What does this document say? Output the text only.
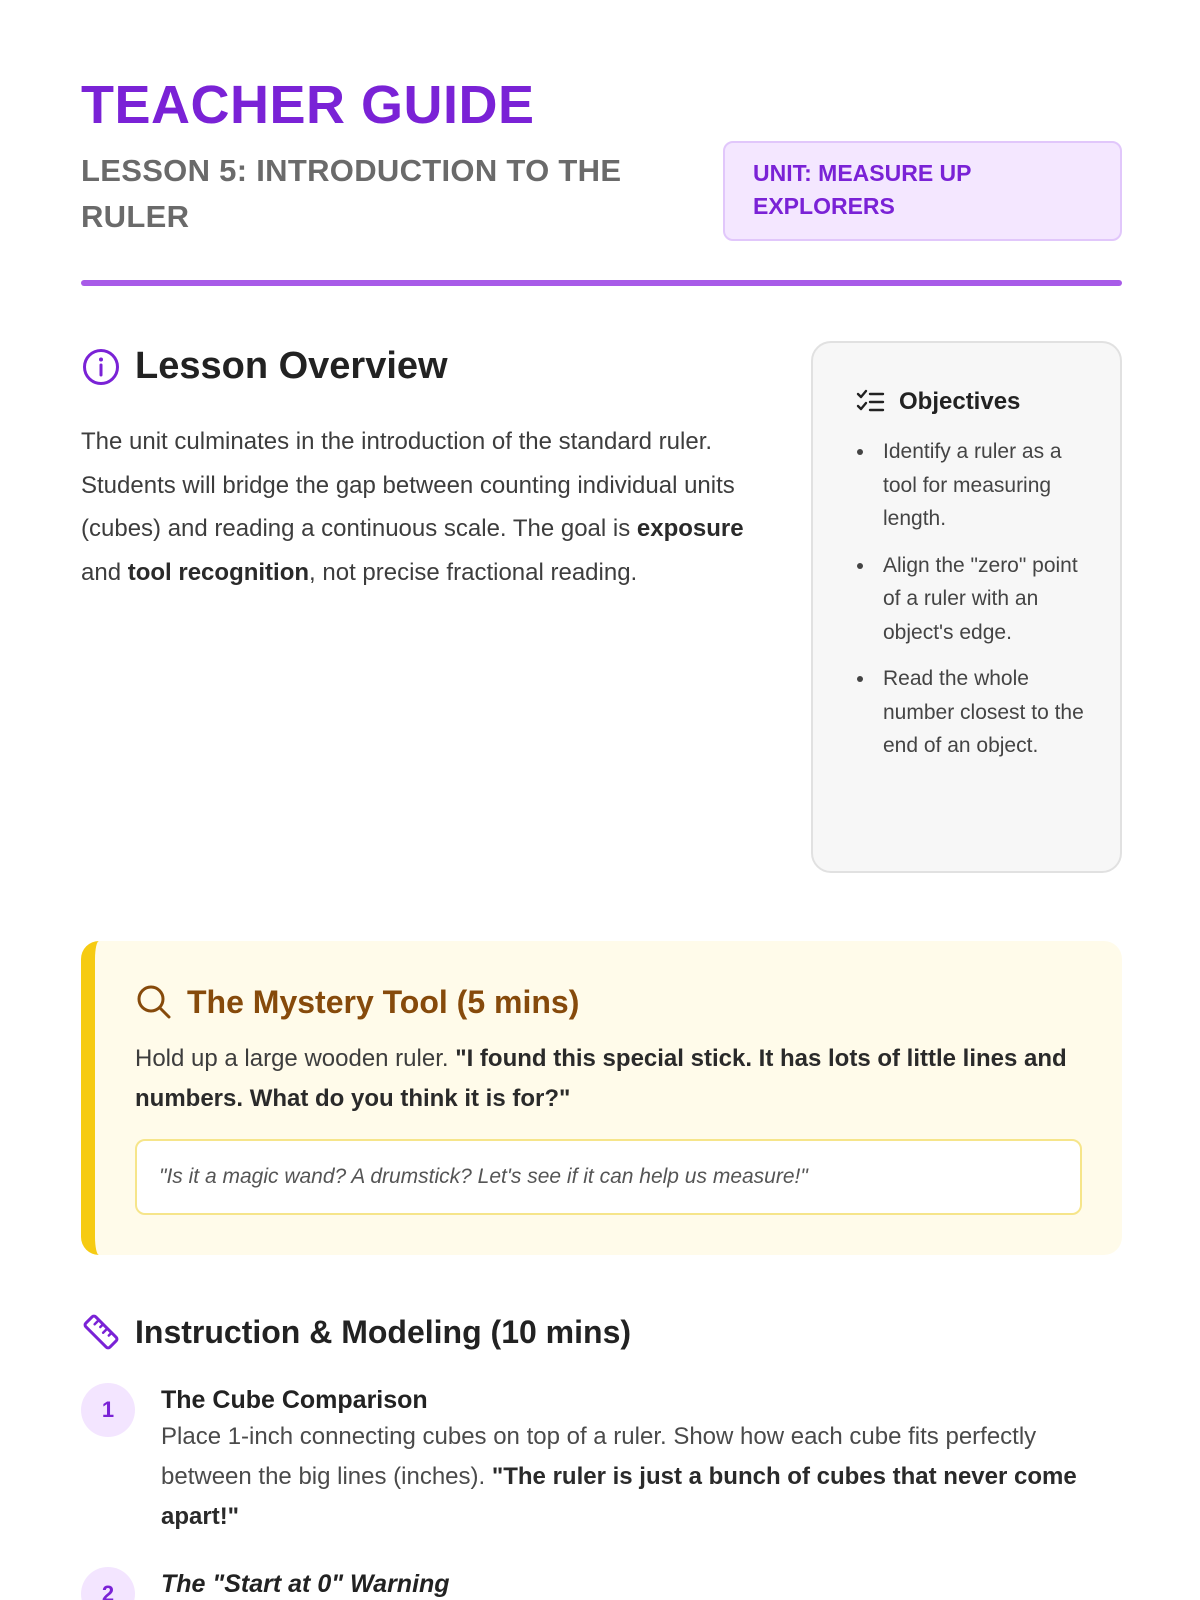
TEACHER GUIDE
LESSON 5: INTRODUCTION TO THE RULER
UNIT: MEASURE UP EXPLORERS
Lesson Overview

The unit culminates in the introduction of the standard ruler. Students will bridge the gap between counting individual units (cubes) and reading a continuous scale. The goal is exposure and tool recognition, not precise fractional reading.

Objectives
Identify a ruler as a tool for measuring length.
Align the "zero" point of a ruler with an object's edge.
Read the whole number closest to the end of an object.
The Mystery Tool (5 mins)

Hold up a large wooden ruler. "I found this special stick. It has lots of little lines and numbers. What do you think it is for?"

"Is it a magic wand? A drumstick? Let's see if it can help us measure!"
Instruction & Modeling (10 mins)
1	The Cube Comparison

Place 1-inch connecting cubes on top of a ruler. Show how each cube fits perfectly between the big lines (inches). "The ruler is just a bunch of cubes that never come apart!"

2	The "Start at 0" Warning
